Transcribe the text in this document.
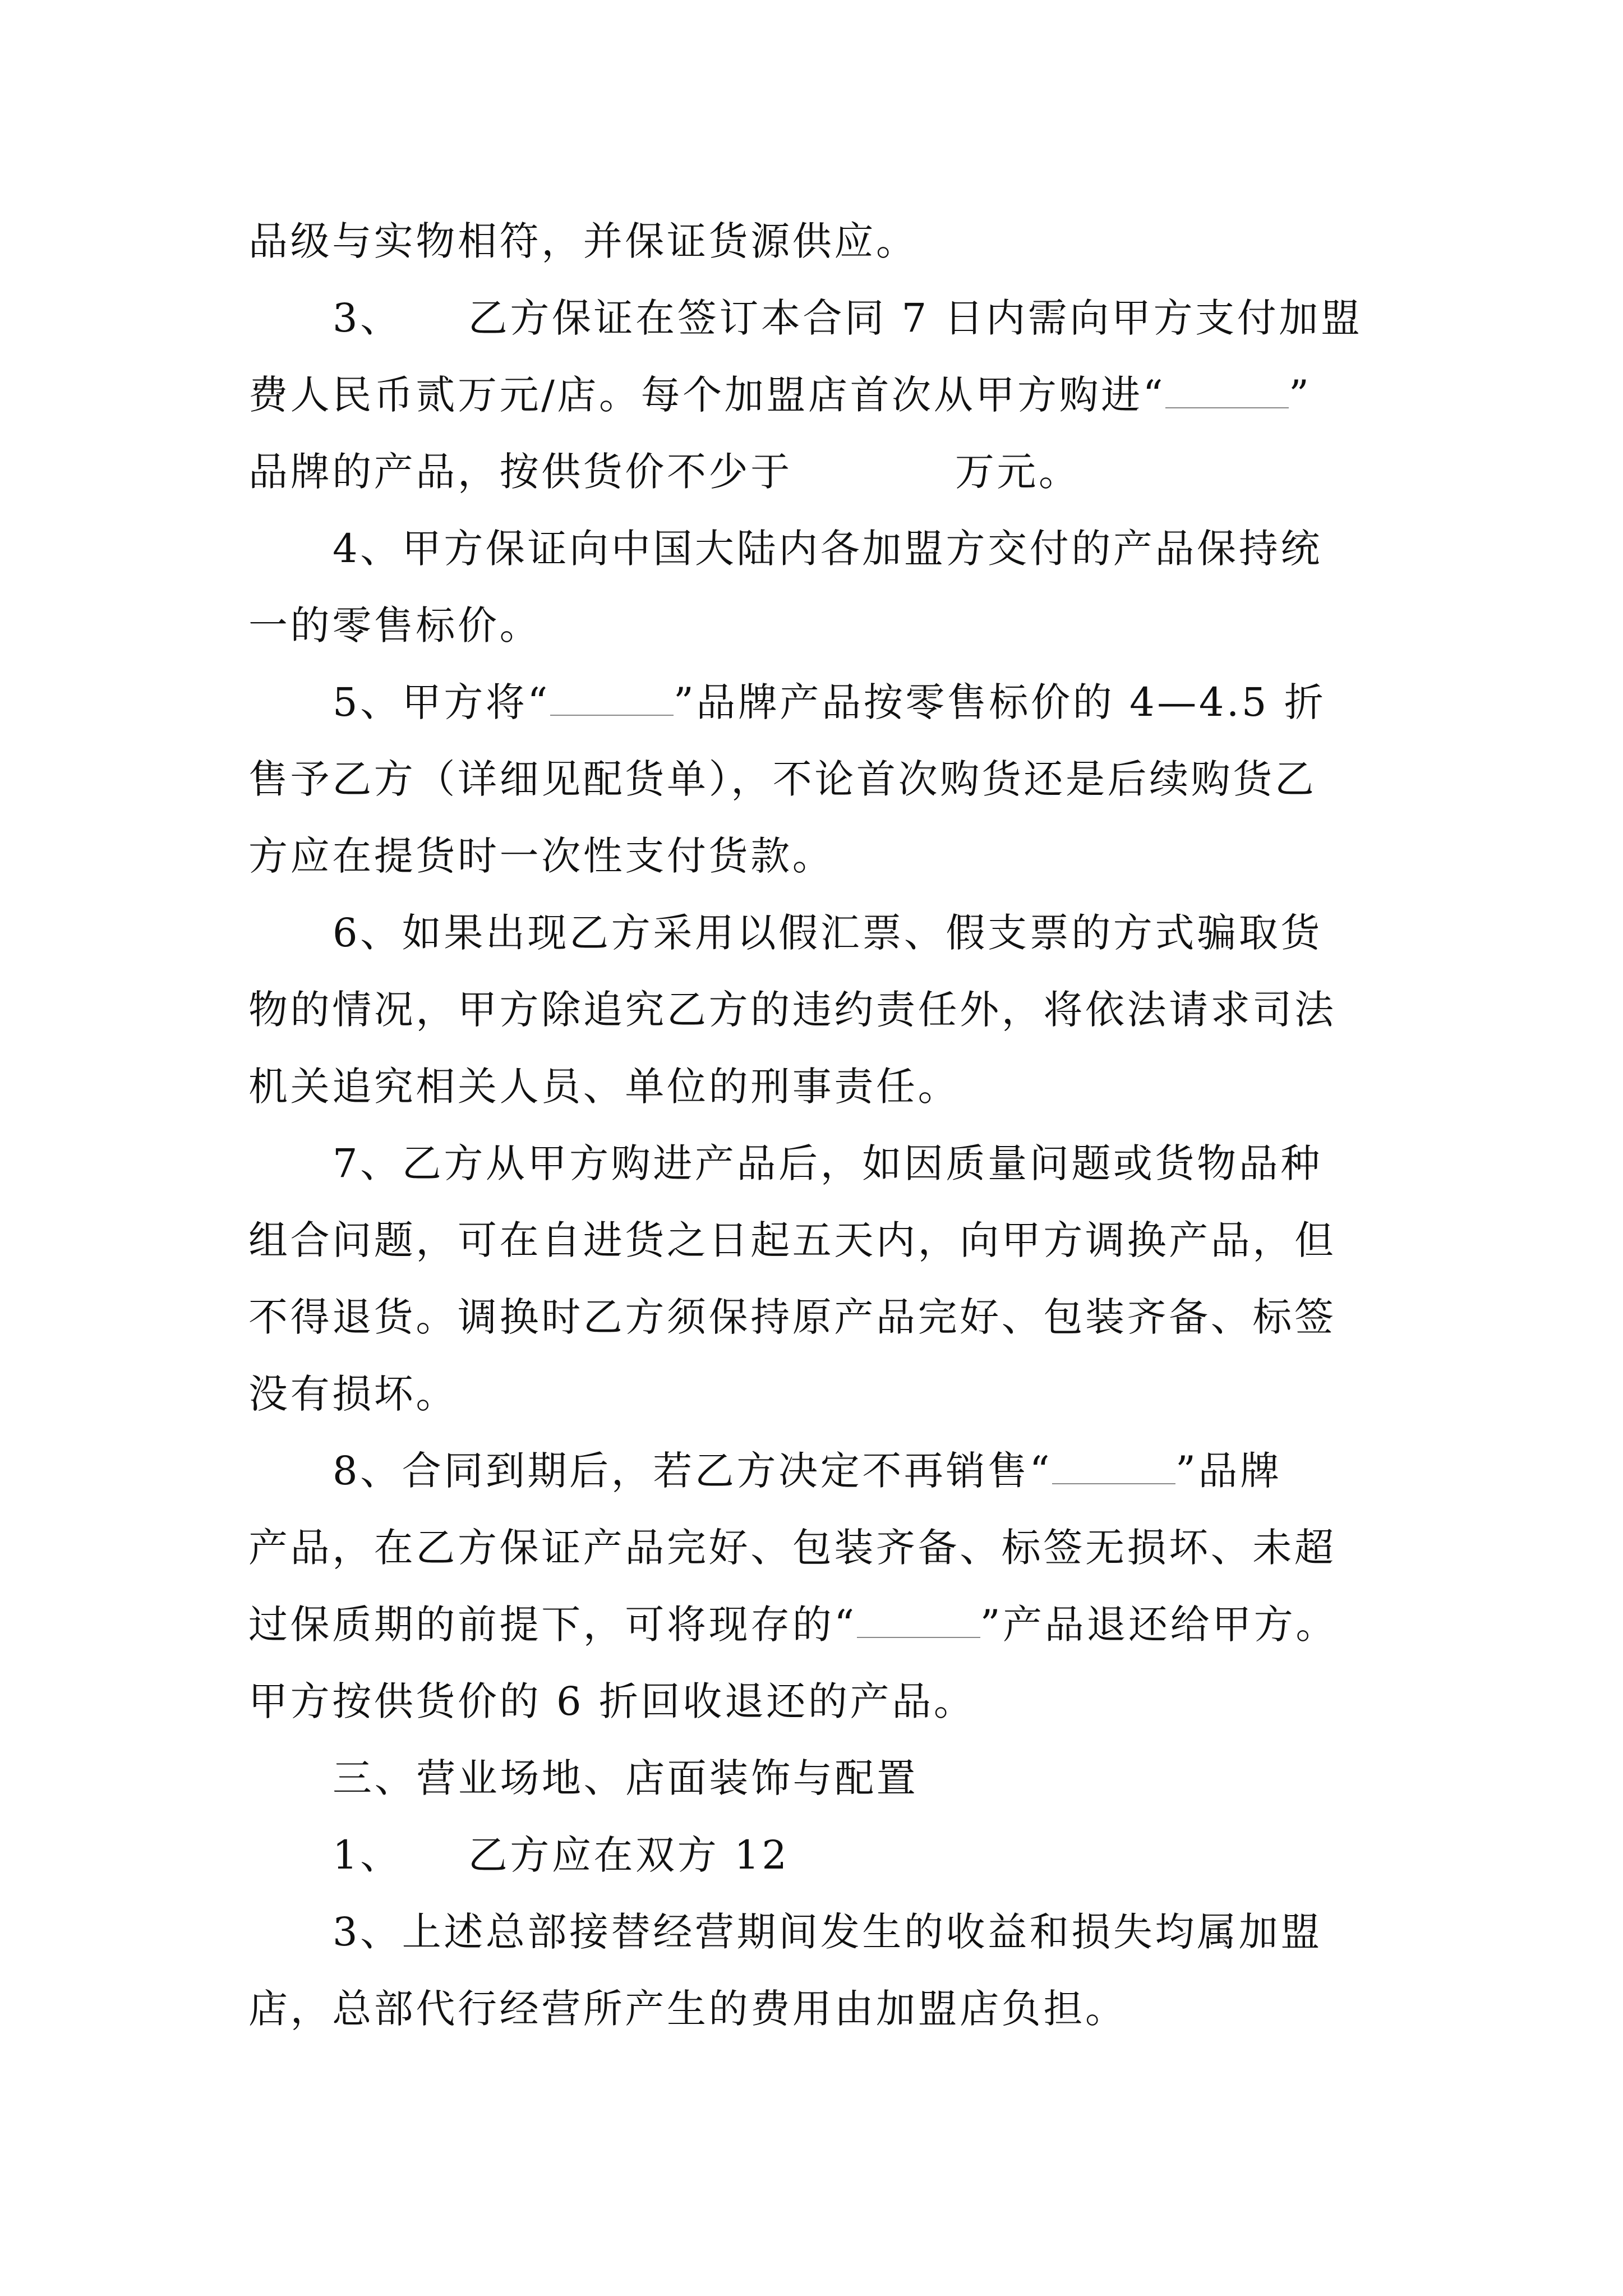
品级与实物相符，并保证货源供应。
3、 乙方保证在签订本合同 7 日内需向甲方支付加盟
费人民币贰万元/店。每个加盟店首次从甲方购进“	”
品牌的产品，按供货价不少于	万元。
4、甲方保证向中国大陆内各加盟方交付的产品保持统
一的零售标价。
5、甲方将“	”品牌产品按零售标价的 4—4.5 折
售予乙方（详细见配货单），不论首次购货还是后续购货乙
方应在提货时一次性支付货款。
6、如果出现乙方采用以假汇票、假支票的方式骗取货
物的情况，甲方除追究乙方的违约责任外，将依法请求司法
机关追究相关人员、单位的刑事责任。
7、乙方从甲方购进产品后，如因质量问题或货物品种
组合问题，可在自进货之日起五天内，向甲方调换产品，但
不得退货。调换时乙方须保持原产品完好、包装齐备、标签
没有损坏。
8、合同到期后，若乙方决定不再销售“	”品牌
产品，在乙方保证产品完好、包装齐备、标签无损坏、未超
过保质期的前提下，可将现存的“	”产品退还给甲方。
甲方按供货价的 6 折回收退还的产品。
三、营业场地、店面装饰与配置
1、 乙方应在双方 12
3、上述总部接替经营期间发生的收益和损失均属加盟
店，总部代行经营所产生的费用由加盟店负担。
